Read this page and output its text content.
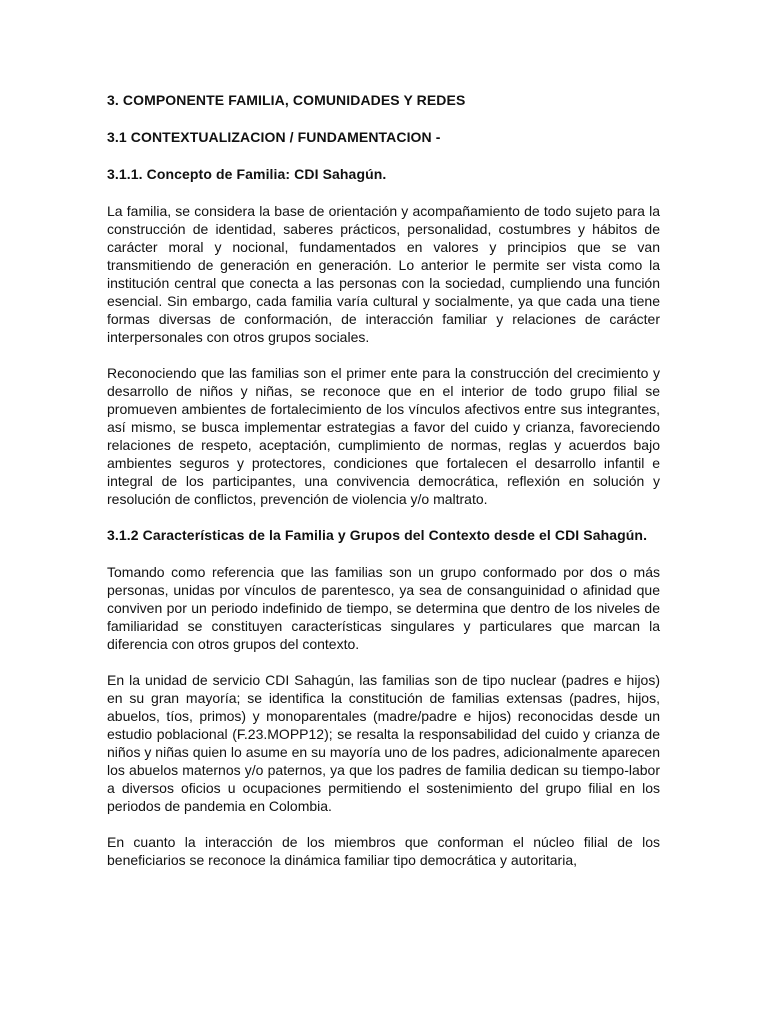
3. COMPONENTE FAMILIA, COMUNIDADES Y REDES

3.1 CONTEXTUALIZACION / FUNDAMENTACION -

3.1.1. Concepto de Familia: CDI Sahagún.

La familia, se considera la base de orientación y acompañamiento de todo sujeto para la construcción de identidad, saberes prácticos, personalidad, costumbres y hábitos de carácter moral y nocional, fundamentados en valores y principios que se van transmitiendo de generación en generación. Lo anterior le permite ser vista como la institución central que conecta a las personas con la sociedad, cumpliendo una función esencial. Sin embargo, cada familia varía cultural y socialmente, ya que cada una tiene formas diversas de conformación, de interacción familiar y relaciones de carácter interpersonales con otros grupos sociales.

Reconociendo que las familias son el primer ente para la construcción del crecimiento y desarrollo de niños y niñas, se reconoce que en el interior de todo grupo filial se promueven ambientes de fortalecimiento de los vínculos afectivos entre sus integrantes, así mismo, se busca implementar estrategias a favor del cuido y crianza, favoreciendo relaciones de respeto, aceptación, cumplimiento de normas, reglas y acuerdos bajo ambientes seguros y protectores, condiciones que fortalecen el desarrollo infantil e integral de los participantes, una convivencia democrática, reflexión en solución y resolución de conflictos, prevención de violencia y/o maltrato.

3.1.2 Características de la Familia y Grupos del Contexto desde el CDI Sahagún.

Tomando como referencia que las familias son un grupo conformado por dos o más personas, unidas por vínculos de parentesco, ya sea de consanguinidad o afinidad que conviven por un periodo indefinido de tiempo, se determina que dentro de los niveles de familiaridad se constituyen características singulares y particulares que marcan la diferencia con otros grupos del contexto.

En la unidad de servicio CDI Sahagún, las familias son de tipo nuclear (padres e hijos) en su gran mayoría; se identifica la constitución de familias extensas (padres, hijos, abuelos, tíos, primos) y monoparentales (madre/padre e hijos) reconocidas desde un estudio poblacional (F.23.MOPP12); se resalta la responsabilidad del cuido y crianza de niños y niñas quien lo asume en su mayoría uno de los padres, adicionalmente aparecen los abuelos maternos y/o paternos, ya que los padres de familia dedican su tiempo-labor a diversos oficios u ocupaciones permitiendo el sostenimiento del grupo filial en los periodos de pandemia en Colombia.

En cuanto la interacción de los miembros que conforman el núcleo filial de los beneficiarios se reconoce la dinámica familiar tipo democrática y autoritaria,
